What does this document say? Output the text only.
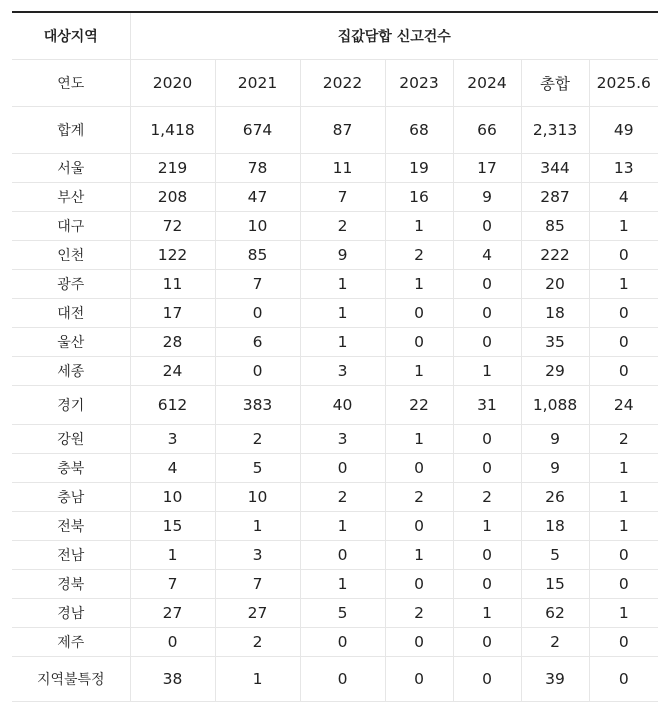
대상지역	집값담합 신고건수						
연도	2020	2021	2022	2023	2024	총합	2025.6
합계	1,418	674	87	68	66	2,313	49
서울	219	78	11	19	17	344	13
부산	208	47	7	16	9	287	4
대구	72	10	2	1	0	85	1
인천	122	85	9	2	4	222	0
광주	11	7	1	1	0	20	1
대전	17	0	1	0	0	18	0
울산	28	6	1	0	0	35	0
세종	24	0	3	1	1	29	0
경기	612	383	40	22	31	1,088	24
강원	3	2	3	1	0	9	2
충북	4	5	0	0	0	9	1
충남	10	10	2	2	2	26	1
전북	15	1	1	0	1	18	1
전남	1	3	0	1	0	5	0
경북	7	7	1	0	0	15	0
경남	27	27	5	2	1	62	1
제주	0	2	0	0	0	2	0
지역불특정	38	1	0	0	0	39	0
